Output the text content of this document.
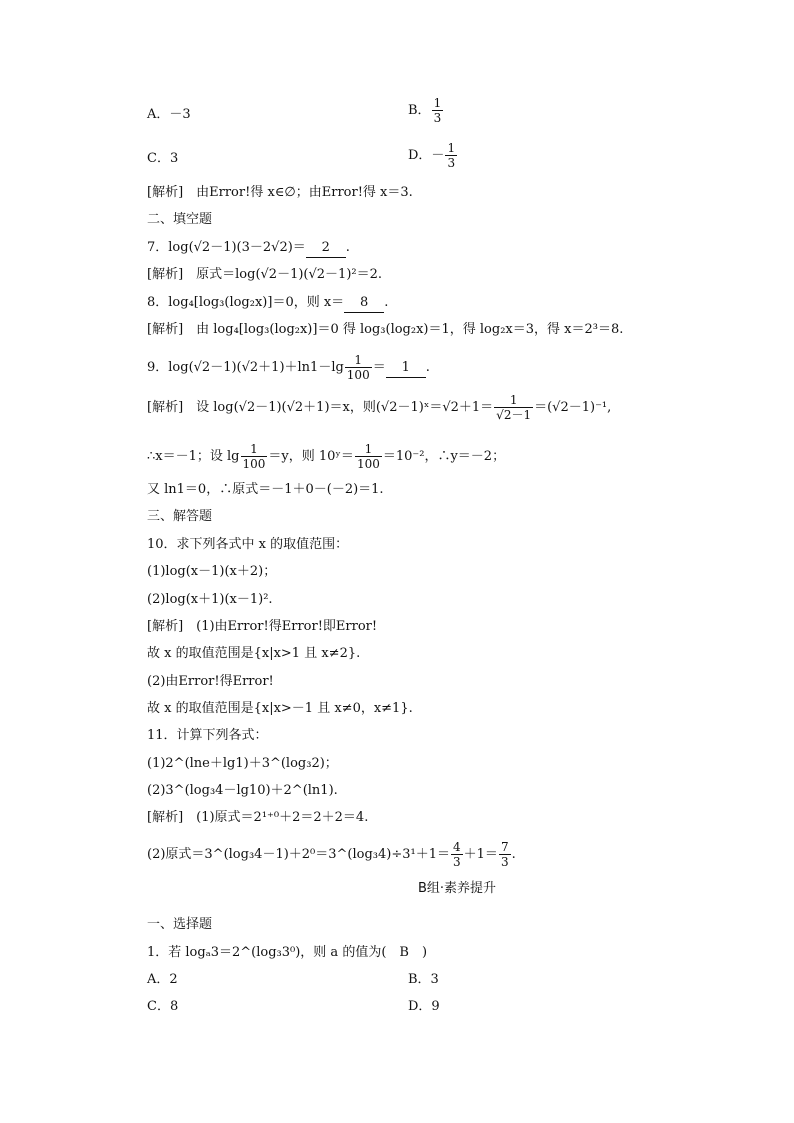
A．－3	B． $\frac{1}{3}$
C．3	D．－ $\frac{1}{3}$
[解析]　由Error!得 x∈∅；由Error!得 x＝3.
二、填空题
7．log(√2－1)(3－2√2)＝ 2 .
[解析]　原式＝log(√2－1)(√2－1)²＝2.
8．log₄[log₃(log₂x)]＝0，则 x＝ 8 .
[解析]　由 log₄[log₃(log₂x)]＝0 得 log₃(log₂x)＝1，得 log₂x＝3，得 x＝2³＝8.
9．$\log(√2-1)(√2+1)+\ln 1-\lg \frac{1}{100} = 1$ .
[解析]　设 log(√2－1)(√2＋1)＝x，则(√2－1)ˣ＝√2＋1＝ $\frac{1}{√2-1} =(√2-1)^{-1}$,
∴x＝－1；设 $\lg \frac{1}{100} =y$，则 10ʸ＝ $\frac{1}{100} =10^{-2}$，∴y＝－2；
又 ln1＝0，∴原式＝－1＋0－(－2)＝1.
三、解答题
10．求下列各式中 x 的取值范围：
(1)log(x－1)(x＋2)；
(2)log(x＋1)(x－1)².
[解析]　(1)由Error!得Error!即Error!
故 x 的取值范围是{x|x>1 且 x≠2}.
(2)由Error!得Error!
故 x 的取值范围是{x|x>－1 且 x≠0，x≠1}.
11．计算下列各式：
(1)2^(lne＋lg1)＋3^(log₃2)；
(2)3^(log₃4－lg10)＋2^(ln1).
[解析]　(1)原式＝2¹⁺⁰＋2＝2＋2＝4.
(2)原式＝3^(log₃4－1)＋2⁰＝3^(log₃4)÷3¹＋1＝ $\frac{4}{3} +1= \frac{7}{3}$ .
B组·素养提升
一、选择题
1．若 logₐ3＝2^(log₃3⁰)，则 a 的值为(　B　)
A．2	B．3
C．8	D．9
